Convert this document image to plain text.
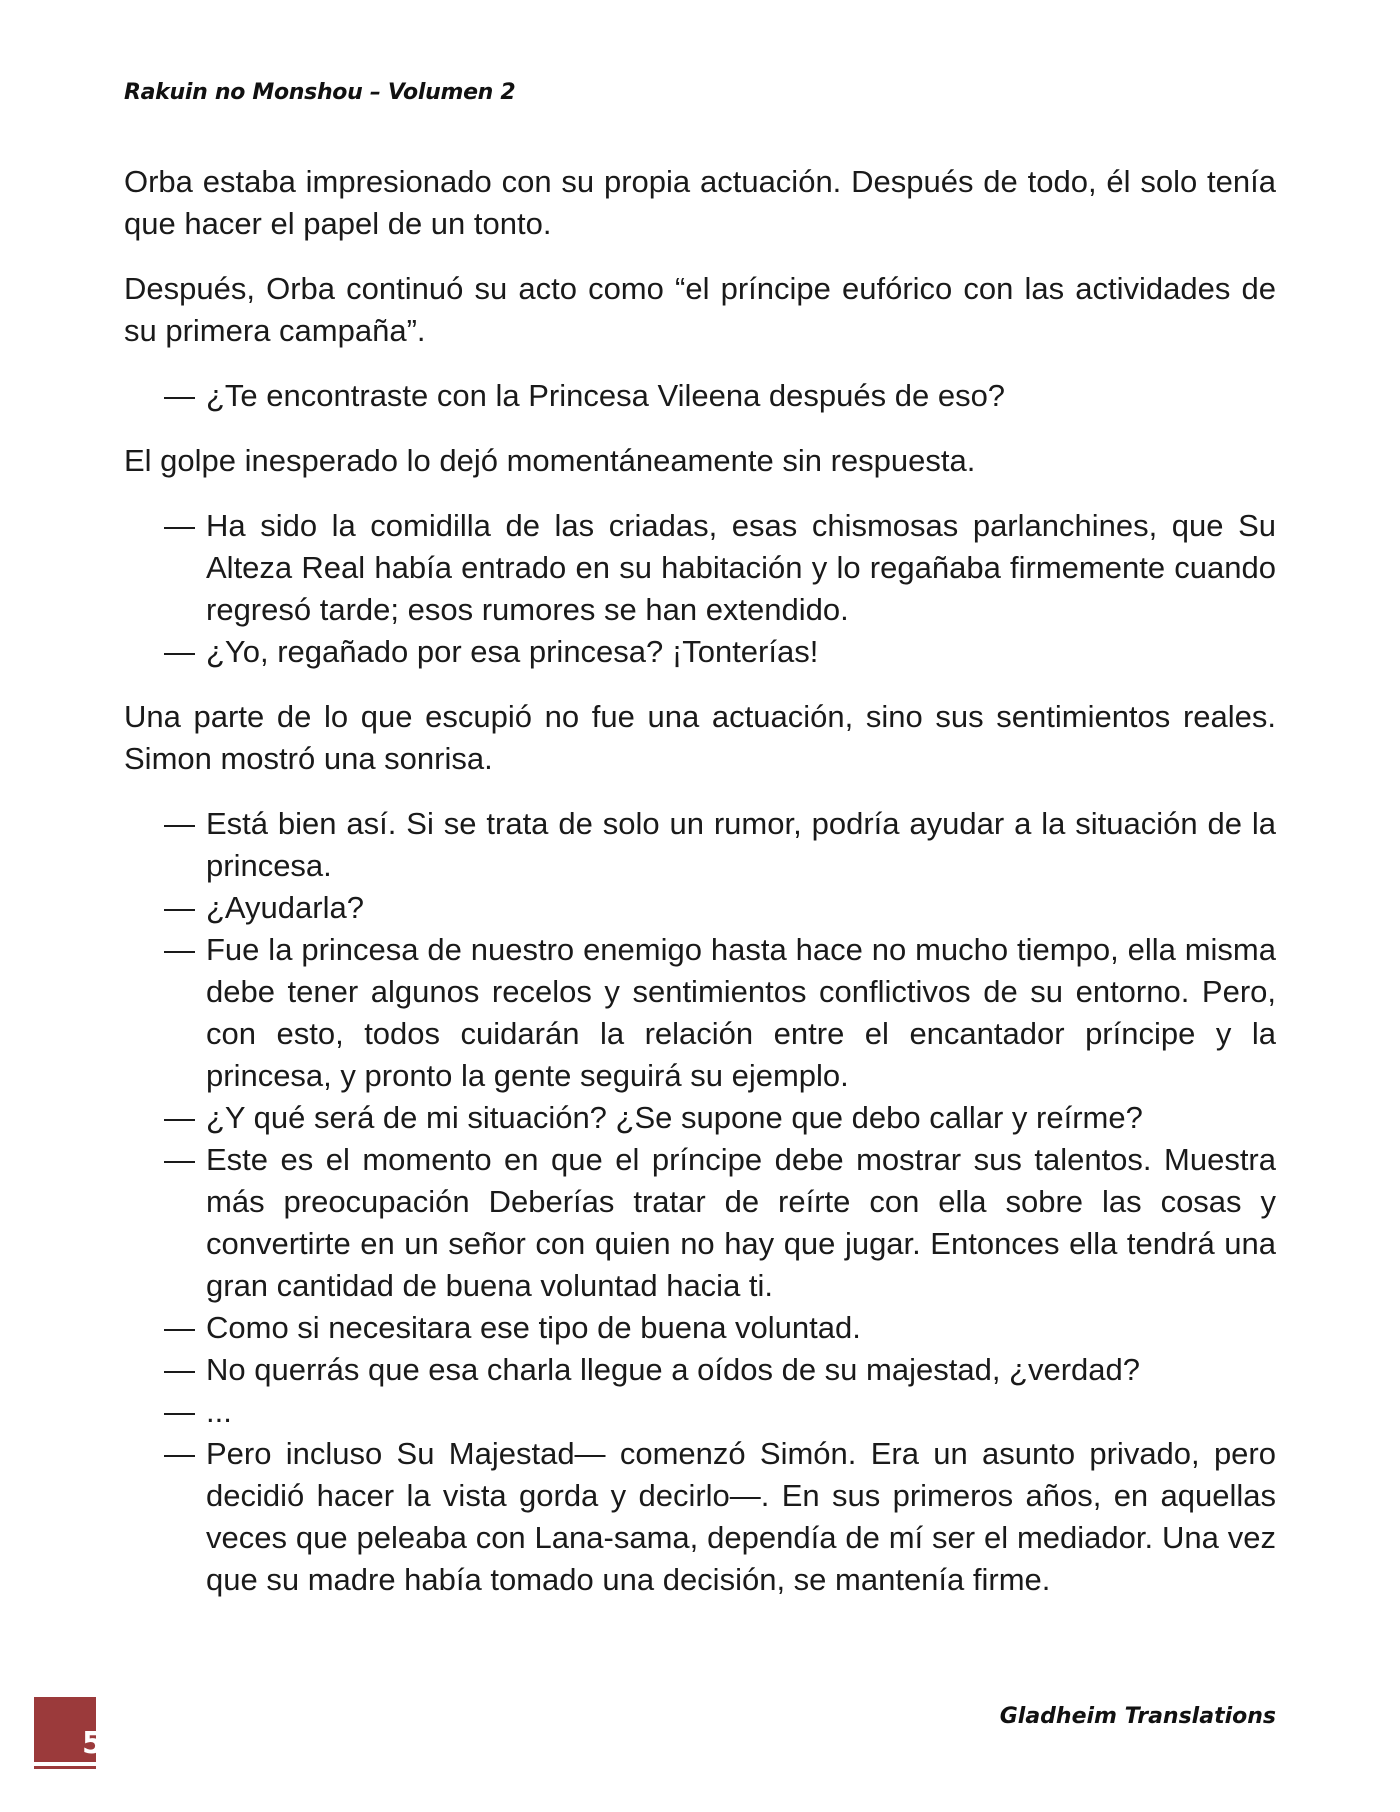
Rakuin no Monshou – Volumen 2

Orba estaba impresionado con su propia actuación. Después de todo, él solo tenía que hacer el papel de un tonto.

Después, Orba continuó su acto como “el príncipe eufórico con las actividades de su primera campaña”.

— ¿Te encontraste con la Princesa Vileena después de eso?

El golpe inesperado lo dejó momentáneamente sin respuesta.

— Ha sido la comidilla de las criadas, esas chismosas parlanchines, que Su Alteza Real había entrado en su habitación y lo regañaba firmemente cuando regresó tarde; esos rumores se han extendido.
— ¿Yo, regañado por esa princesa? ¡Tonterías!

Una parte de lo que escupió no fue una actuación, sino sus sentimientos reales. Simon mostró una sonrisa.

— Está bien así. Si se trata de solo un rumor, podría ayudar a la situación de la princesa.
— ¿Ayudarla?
— Fue la princesa de nuestro enemigo hasta hace no mucho tiempo, ella misma debe tener algunos recelos y sentimientos conflictivos de su entorno. Pero, con esto, todos cuidarán la relación entre el encantador príncipe y la princesa, y pronto la gente seguirá su ejemplo.
— ¿Y qué será de mi situación? ¿Se supone que debo callar y reírme?
— Este es el momento en que el príncipe debe mostrar sus talentos. Muestra más preocupación Deberías tratar de reírte con ella sobre las cosas y convertirte en un señor con quien no hay que jugar. Entonces ella tendrá una gran cantidad de buena voluntad hacia ti.
— Como si necesitara ese tipo de buena voluntad.
— No querrás que esa charla llegue a oídos de su majestad, ¿verdad?
— ...
— Pero incluso Su Majestad— comenzó Simón. Era un asunto privado, pero decidió hacer la vista gorda y decirlo—. En sus primeros años, en aquellas veces que peleaba con Lana-sama, dependía de mí ser el mediador. Una vez que su madre había tomado una decisión, se mantenía firme.
5
Gladheim Translations
